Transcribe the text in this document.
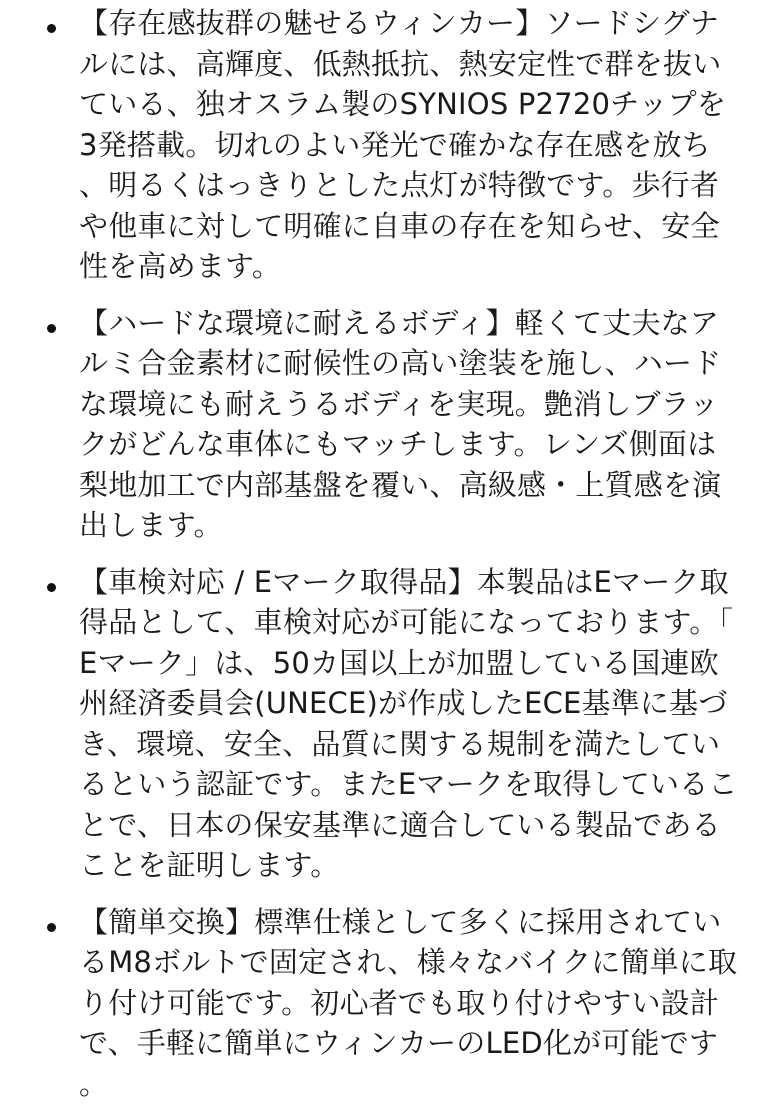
【存在感抜群の魅せるウィンカー】ソードシグナルには、高輝度、低熱抵抗、熱安定性で群を抜いている、独オスラム製のSYNIOS P2720チップを3発搭載。切れのよい発光で確かな存在感を放ち、明るくはっきりとした点灯が特徴です。歩行者や他車に対して明確に自車の存在を知らせ、安全性を高めます。
【ハードな環境に耐えるボディ】軽くて丈夫なアルミ合金素材に耐候性の高い塗装を施し、ハードな環境にも耐えうるボディを実現。艶消しブラックがどんな車体にもマッチします。レンズ側面は梨地加工で内部基盤を覆い、高級感・上質感を演出します。
【車検対応 / Eマーク取得品】本製品はEマーク取得品として、車検対応が可能になっております。「Eマーク」は、50カ国以上が加盟している国連欧州経済委員会(UNECE)が作成したECE基準に基づき、環境、安全、品質に関する規制を満たしているという認証です。またEマークを取得していることで、日本の保安基準に適合している製品であることを証明します。
【簡単交換】標準仕様として多くに採用されているM8ボルトで固定され、様々なバイクに簡単に取り付け可能です。初心者でも取り付けやすい設計で、手軽に簡単にウィンカーのLED化が可能です。
